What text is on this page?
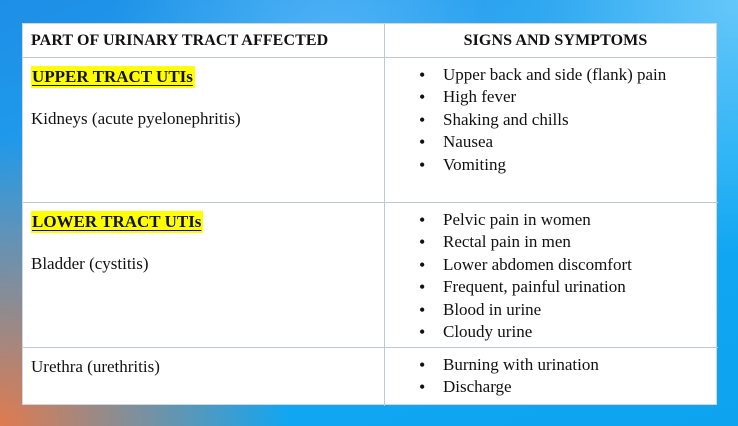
PART OF URINARY TRACT AFFECTED	SIGNS AND SYMPTOMS
UPPER TRACT UTIs
Kidneys (acute pyelonephritis)
• Upper back and side (flank) pain
• High fever
• Shaking and chills
• Nausea
• Vomiting
LOWER TRACT UTIs
Bladder (cystitis)
• Pelvic pain in women
• Rectal pain in men
• Lower abdomen discomfort
• Frequent, painful urination
• Blood in urine
• Cloudy urine
Urethra (urethritis)	• Burning with urination
• Discharge
